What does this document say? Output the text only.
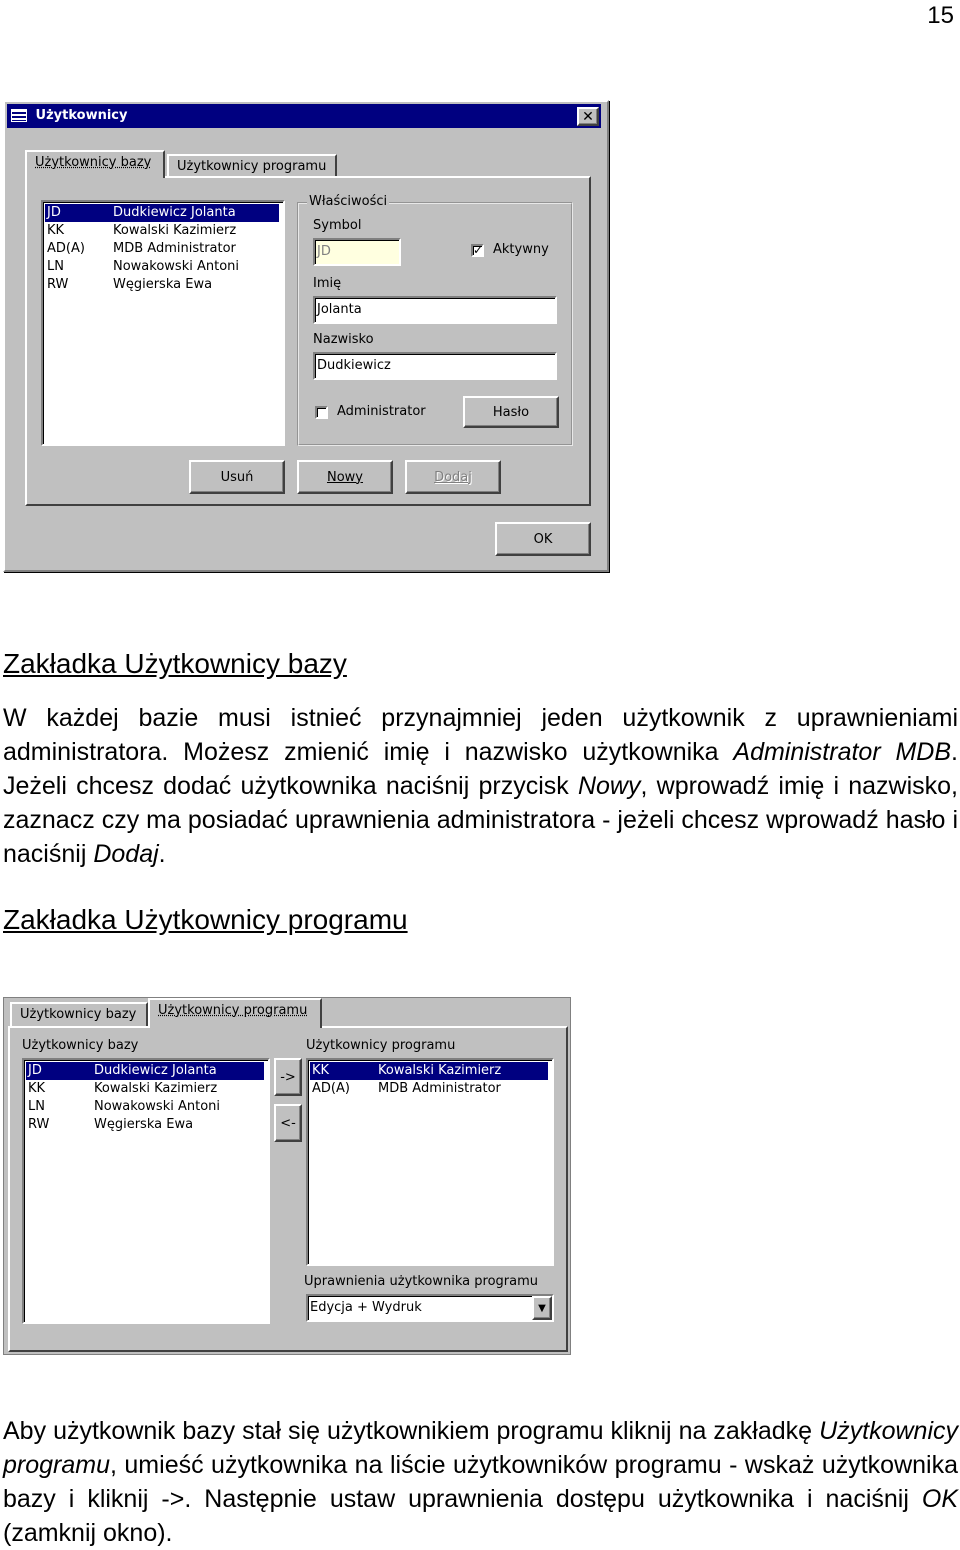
15
Użytkownicy	✕
Użytkownicy bazy	Użytkownicy programu
JD	Dudkiewicz Jolanta
KK	Kowalski Kazimierz
AD(A) MDB Administrator
LN	Nowakowski Antoni
RW	Węgierska Ewa
Właściwości
Symbol
JD	✓ Aktywny
Imię
Jolanta
Nazwisko
Dudkiewicz
Administrator	Hasło
Usuń	Nowy	Dodaj
OK
Zakładka Użytkownicy bazy
W każdej bazie musi istnieć przynajmniej jeden użytkownik z uprawnieniami administratora. Możesz zmienić imię i nazwisko użytkownika Administrator MDB. Jeżeli chcesz dodać użytkownika naciśnij przycisk Nowy, wprowadź imię i nazwisko, zaznacz czy ma posiadać uprawnienia administratora - jeżeli chcesz wprowadź hasło i naciśnij Dodaj.
Zakładka Użytkownicy programu
Użytkownicy bazy	Użytkownicy programu
Użytkownicy bazy
JD	Dudkiewicz Jolanta
KK	Kowalski Kazimierz
LN	Nowakowski Antoni
RW	Węgierska Ewa
->
<-
Użytkownicy programu
KK	Kowalski Kazimierz
AD(A) MDB Administrator
Uprawnienia użytkownika programu
Edycja + Wydruk	▼
Aby użytkownik bazy stał się użytkownikiem programu kliknij na zakładkę Użytkownicy programu, umieść użytkownika na liście użytkowników programu - wskaż użytkownika bazy i kliknij ->. Następnie ustaw uprawnienia dostępu użytkownika i naciśnij OK (zamknij okno).
